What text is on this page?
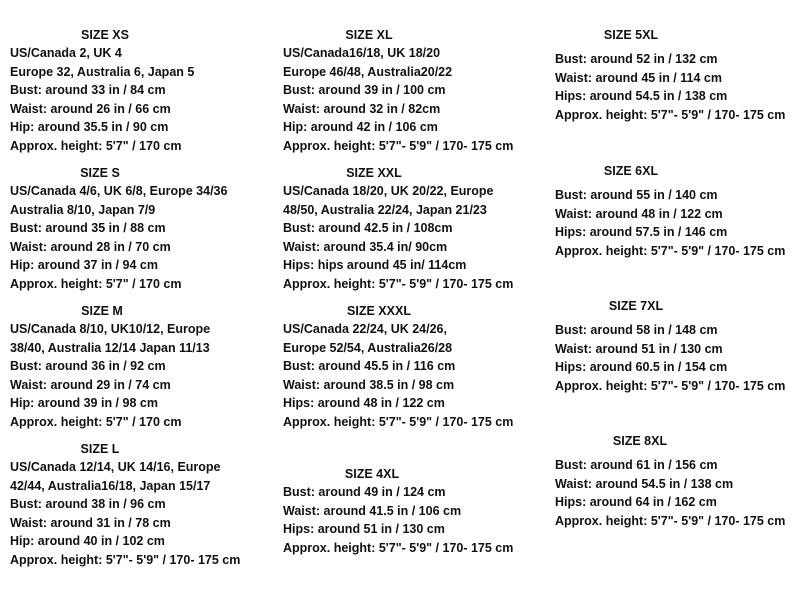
SIZE XS
US/Canada 2, UK 4
Europe 32, Australia 6, Japan 5
Bust: around 33 in / 84 cm
Waist: around 26 in / 66 cm
Hip: around 35.5 in / 90 cm
Approx. height: 5'7" / 170 cm
SIZE S
US/Canada 4/6, UK 6/8, Europe 34/36
Australia 8/10, Japan 7/9
Bust: around 35 in / 88 cm
Waist: around 28 in / 70 cm
Hip: around 37 in / 94 cm
Approx. height: 5'7" / 170 cm
SIZE M
US/Canada 8/10, UK10/12, Europe
38/40, Australia 12/14 Japan 11/13
Bust: around 36 in / 92 cm
Waist: around 29 in / 74 cm
Hip: around 39 in / 98 cm
Approx. height: 5'7" / 170 cm
SIZE L
US/Canada 12/14, UK 14/16, Europe
42/44, Australia16/18, Japan 15/17
Bust: around 38 in / 96 cm
Waist: around 31 in / 78 cm
Hip: around 40 in / 102 cm
Approx. height: 5'7"- 5'9" / 170- 175 cm
SIZE XL
US/Canada16/18, UK 18/20
Europe 46/48, Australia20/22
Bust: around 39 in / 100 cm
Waist: around 32 in / 82cm
Hip: around 42 in / 106 cm
Approx. height: 5'7"- 5'9" / 170- 175 cm
SIZE XXL
US/Canada 18/20, UK 20/22, Europe
48/50, Australia 22/24, Japan 21/23
Bust: around 42.5 in / 108cm
Waist: around 35.4 in/ 90cm
Hips: hips around 45 in/ 114cm
Approx. height: 5'7"- 5'9" / 170- 175 cm
SIZE XXXL
US/Canada 22/24, UK 24/26,
Europe 52/54, Australia26/28
Bust: around 45.5 in / 116 cm
Waist: around 38.5 in / 98 cm
Hips: around 48 in / 122 cm
Approx. height: 5'7"- 5'9" / 170- 175 cm
SIZE 4XL
Bust: around 49 in / 124 cm
Waist: around 41.5 in / 106 cm
Hips: around 51 in / 130 cm
Approx. height: 5'7"- 5'9" / 170- 175 cm
SIZE 5XL
Bust: around 52 in / 132 cm
Waist: around 45 in / 114 cm
Hips: around 54.5 in / 138 cm
Approx. height: 5'7"- 5'9" / 170- 175 cm
SIZE 6XL
Bust: around 55 in / 140 cm
Waist: around 48 in / 122 cm
Hips: around 57.5 in / 146 cm
Approx. height: 5'7"- 5'9" / 170- 175 cm
SIZE 7XL
Bust: around 58 in / 148 cm
Waist: around 51 in / 130 cm
Hips: around 60.5 in / 154 cm
Approx. height: 5'7"- 5'9" / 170- 175 cm
SIZE 8XL
Bust: around 61 in / 156 cm
Waist: around 54.5 in / 138 cm
Hips: around 64 in / 162 cm
Approx. height: 5'7"- 5'9" / 170- 175 cm
